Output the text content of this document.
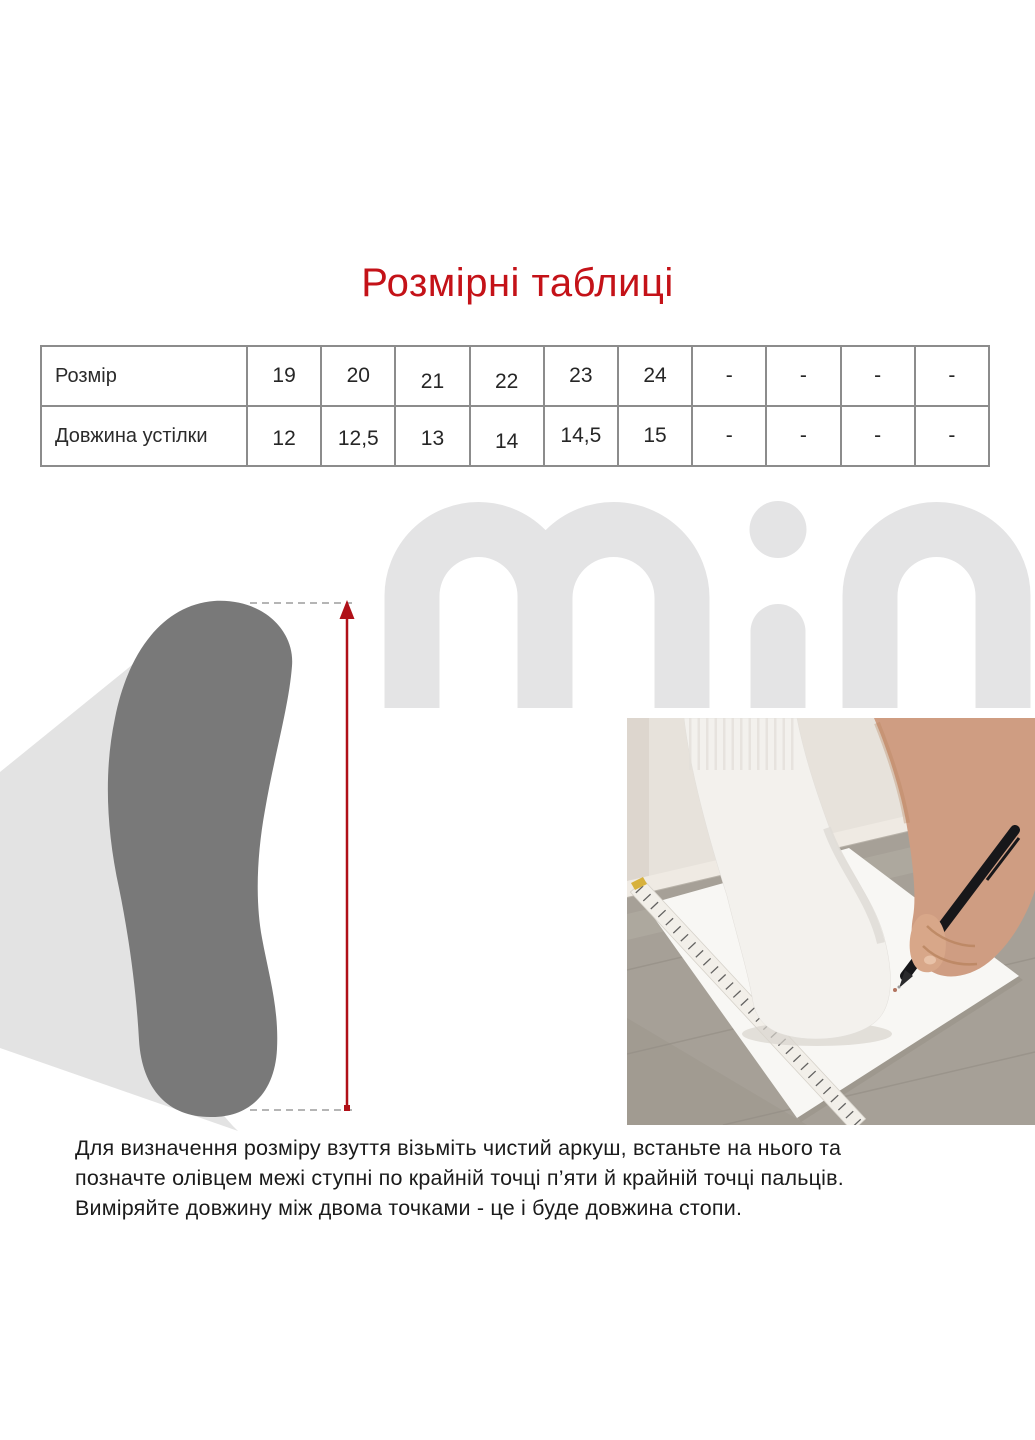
Розмірні таблиці
Розмір	19	20	21	22	23	24	-	-	-	-
Довжина устілки	12	12,5	13	14	14,5	15	-	-	-	-
Для визначення розміру взуття візьміть чистий аркуш, встаньте на нього та
позначте олівцем межі ступні по крайній точці п’яти й крайній точці пальців.
Виміряйте довжину між двома точками - це і буде довжина стопи.
